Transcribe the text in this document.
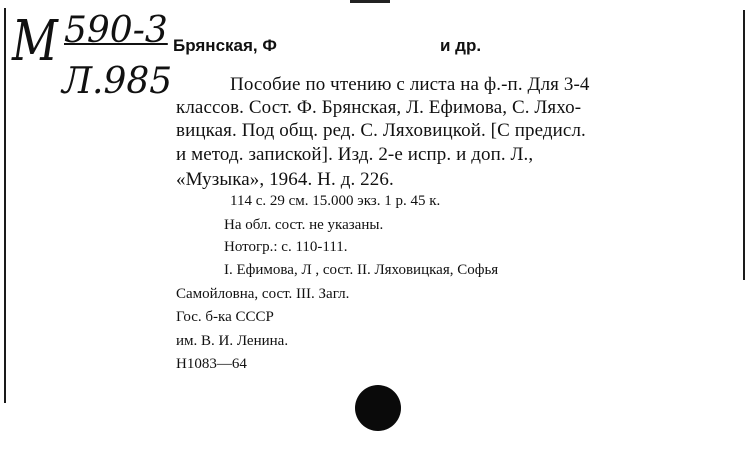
М 590-3
Л.985
Брянская, Ф	и др.
Пособие по чтению с листа на ф.-п. Для 3-4
классов. Сост. Ф. Брянская, Л. Ефимова, С. Ляхо-
вицкая. Под общ. ред. С. Ляховицкой. [С предисл.
и метод. запиской]. Изд. 2-е испр. и доп. Л.,
«Музыка», 1964. Н. д. 226.
114 с. 29 см. 15.000 экз. 1 р. 45 к.
На обл. сост. не указаны.
Нотогр.: с. 110-111.
I. Ефимова, Л , сост. II. Ляховицкая, Софья
Самойловна, сост. III. Загл.
Гос. б-ка СССР
им. В. И. Ленина.
Н1083—64
